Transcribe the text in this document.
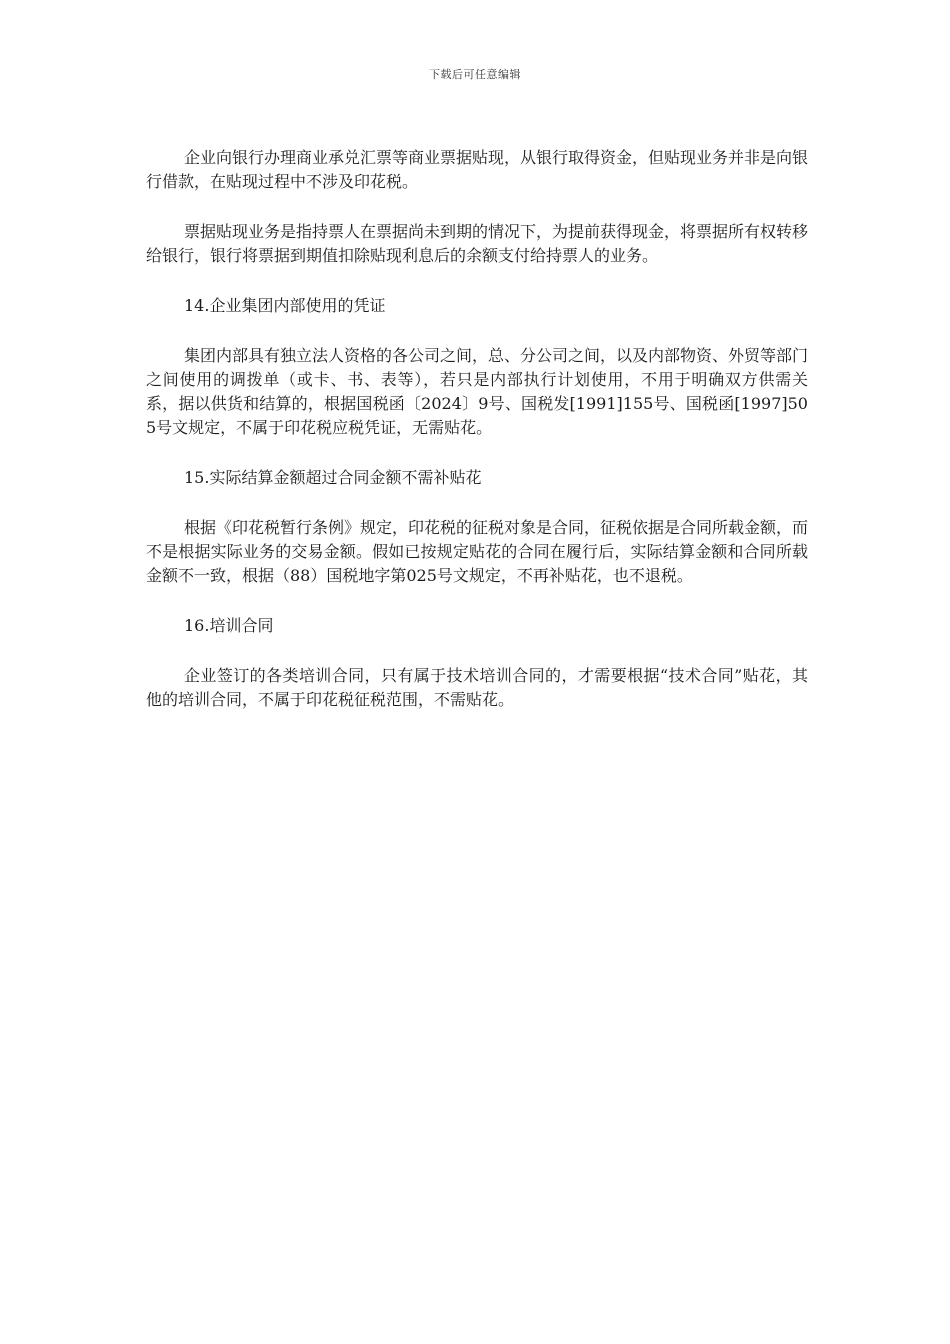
下载后可任意编辑

企业向银行办理商业承兑汇票等商业票据贴现，从银行取得资金，但贴现业务并非是向银行借款，在贴现过程中不涉及印花税。

票据贴现业务是指持票人在票据尚未到期的情况下，为提前获得现金，将票据所有权转移给银行，银行将票据到期值扣除贴现利息后的余额支付给持票人的业务。

14.企业集团内部使用的凭证

集团内部具有独立法人资格的各公司之间，总、分公司之间，以及内部物资、外贸等部门之间使用的调拨单（或卡、书、表等），若只是内部执行计划使用，不用于明确双方供需关系，据以供货和结算的，根据国税函〔2024〕9号、国税发[1991]155号、国税函[1997]505号文规定，不属于印花税应税凭证，无需贴花。

15.实际结算金额超过合同金额不需补贴花

根据《印花税暂行条例》规定，印花税的征税对象是合同，征税依据是合同所载金额，而不是根据实际业务的交易金额。假如已按规定贴花的合同在履行后，实际结算金额和合同所载金额不一致，根据（88）国税地字第025号文规定，不再补贴花，也不退税。

16.培训合同

企业签订的各类培训合同，只有属于技术培训合同的，才需要根据“技术合同”贴花，其他的培训合同，不属于印花税征税范围，不需贴花。
